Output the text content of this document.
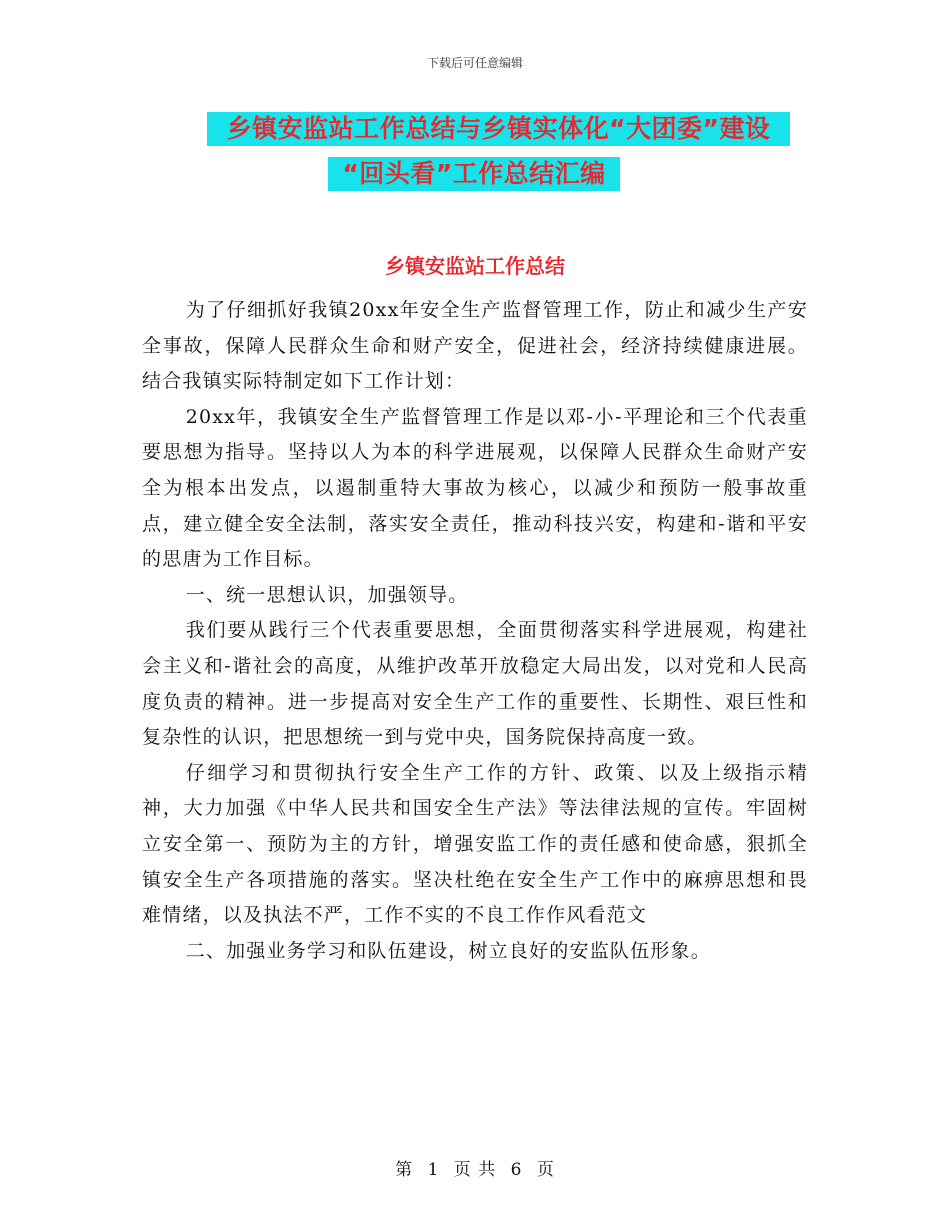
下载后可任意编辑
乡镇安监站工作总结与乡镇实体化“大团委”建设
“回头看”工作总结汇编
乡镇安监站工作总结

为了仔细抓好我镇20xx年安全生产监督管理工作，防止和减少生产安全事故，保障人民群众生命和财产安全，促进社会，经济持续健康进展。结合我镇实际特制定如下工作计划：

20xx年，我镇安全生产监督管理工作是以邓-小-平理论和三个代表重要思想为指导。坚持以人为本的科学进展观，以保障人民群众生命财产安全为根本出发点，以遏制重特大事故为核心，以减少和预防一般事故重点，建立健全安全法制，落实安全责任，推动科技兴安，构建和-谐和平安的思唐为工作目标。

一、统一思想认识，加强领导。

我们要从践行三个代表重要思想，全面贯彻落实科学进展观，构建社会主义和-谐社会的高度，从维护改革开放稳定大局出发，以对党和人民高度负责的精神。进一步提高对安全生产工作的重要性、长期性、艰巨性和复杂性的认识，把思想统一到与党中央，国务院保持高度一致。

仔细学习和贯彻执行安全生产工作的方针、政策、以及上级指示精神，大力加强《中华人民共和国安全生产法》等法律法规的宣传。牢固树立安全第一、预防为主的方针，增强安监工作的责任感和使命感，狠抓全镇安全生产各项措施的落实。坚决杜绝在安全生产工作中的麻痹思想和畏难情绪，以及执法不严，工作不实的不良工作作风看范文

二、加强业务学习和队伍建设，树立良好的安监队伍形象。

第 1 页 共 6 页
